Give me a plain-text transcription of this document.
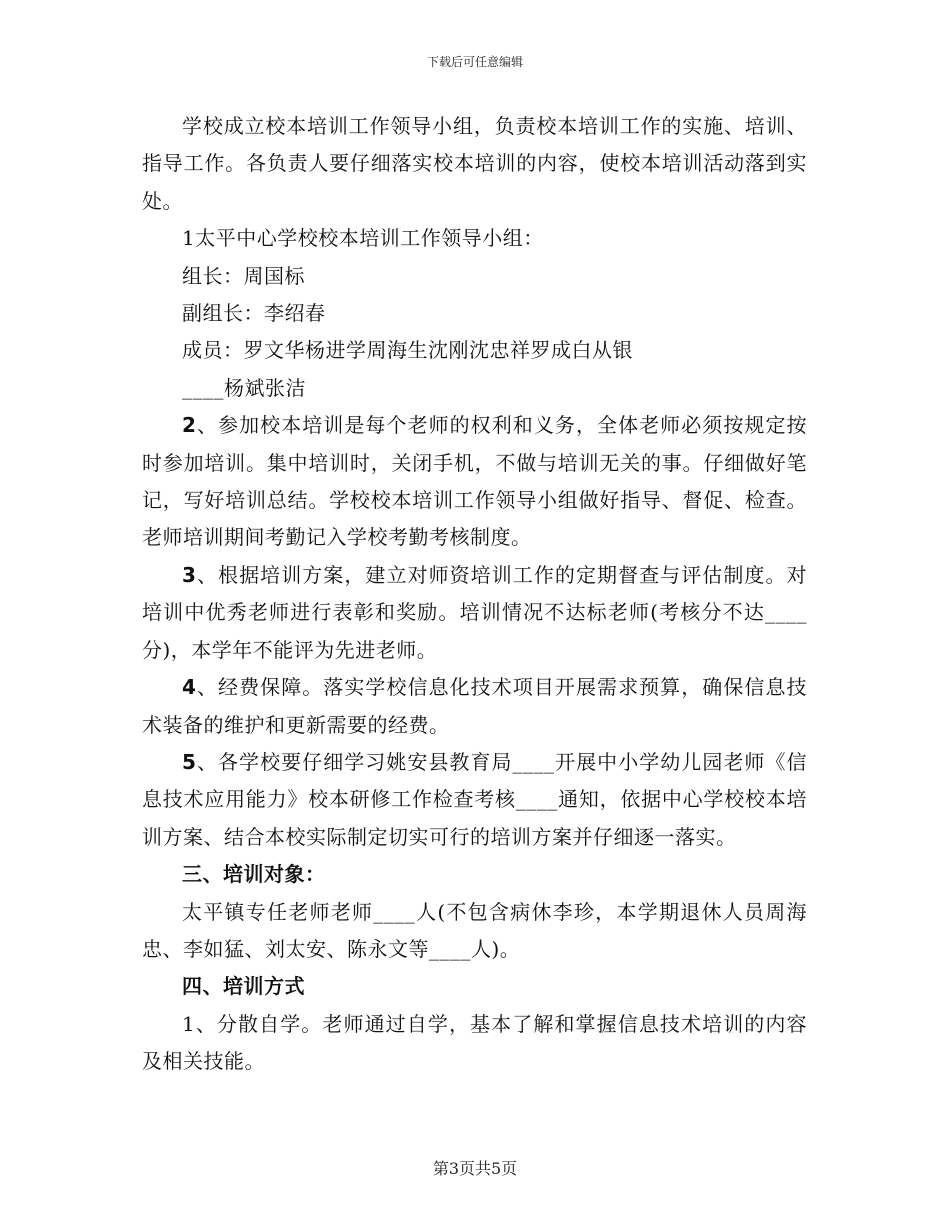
下载后可任意编辑

学校成立校本培训工作领导小组，负责校本培训工作的实施、培训、指导工作。各负责人要仔细落实校本培训的内容，使校本培训活动落到实处。

1太平中心学校校本培训工作领导小组：

组长：周国标

副组长：李绍春

成员：罗文华杨进学周海生沈刚沈忠祥罗成白从银

____杨斌张洁

2、参加校本培训是每个老师的权利和义务，全体老师必须按规定按时参加培训。集中培训时，关闭手机，不做与培训无关的事。仔细做好笔记，写好培训总结。学校校本培训工作领导小组做好指导、督促、检查。老师培训期间考勤记入学校考勤考核制度。

3、根据培训方案，建立对师资培训工作的定期督查与评估制度。对培训中优秀老师进行表彰和奖励。培训情况不达标老师(考核分不达____分)，本学年不能评为先进老师。

4、经费保障。落实学校信息化技术项目开展需求预算，确保信息技术装备的维护和更新需要的经费。

5、各学校要仔细学习姚安县教育局____开展中小学幼儿园老师《信息技术应用能力》校本研修工作检查考核____通知，依据中心学校校本培训方案、结合本校实际制定切实可行的培训方案并仔细逐一落实。

三、培训对象：

太平镇专任老师老师____人(不包含病休李珍，本学期退休人员周海忠、李如猛、刘太安、陈永文等____人)。

四、培训方式

1、分散自学。老师通过自学，基本了解和掌握信息技术培训的内容及相关技能。

第3页共5页
